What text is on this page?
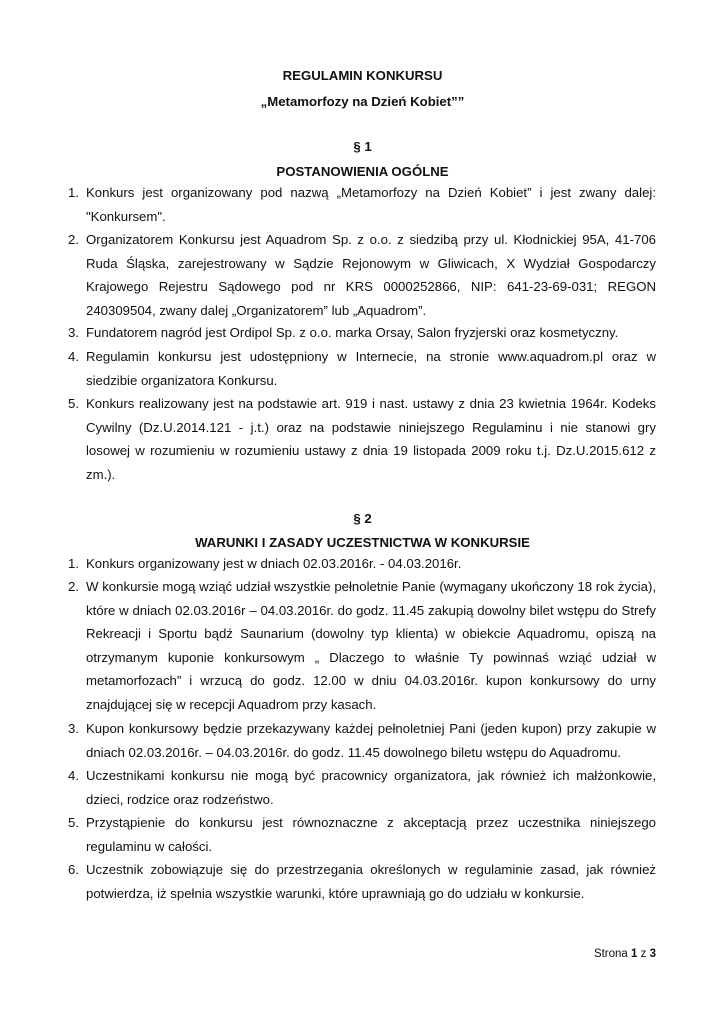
REGULAMIN KONKURSU
„Metamorfozy na Dzień Kobiet””
§ 1
POSTANOWIENIA OGÓLNE
1. Konkurs jest organizowany pod nazwą „Metamorfozy na Dzień Kobiet” i jest zwany dalej: "Konkursem".
2. Organizatorem Konkursu jest Aquadrom Sp. z o.o. z siedzibą przy ul. Kłodnickiej 95A, 41-706 Ruda Śląska, zarejestrowany w Sądzie Rejonowym w Gliwicach, X Wydział Gospodarczy Krajowego Rejestru Sądowego pod nr KRS 0000252866, NIP: 641-23-69-031; REGON 240309504, zwany dalej „Organizatorem” lub „Aquadrom”.
3. Fundatorem nagród jest Ordipol Sp. z o.o. marka Orsay, Salon fryzjerski oraz kosmetyczny.
4. Regulamin konkursu jest udostępniony w Internecie, na stronie www.aquadrom.pl oraz w siedzibie organizatora Konkursu.
5. Konkurs realizowany jest na podstawie art. 919 i nast. ustawy z dnia 23 kwietnia 1964r. Kodeks Cywilny (Dz.U.2014.121 - j.t.) oraz na podstawie niniejszego Regulaminu i nie stanowi gry losowej w rozumieniu w rozumieniu ustawy z dnia 19 listopada 2009 roku t.j. Dz.U.2015.612 z zm.).
§ 2
WARUNKI I ZASADY UCZESTNICTWA W KONKURSIE
1. Konkurs organizowany jest w dniach 02.03.2016r. - 04.03.2016r.
2. W konkursie mogą wziąć udział wszystkie pełnoletnie Panie (wymagany ukończony 18 rok życia), które w dniach 02.03.2016r – 04.03.2016r. do godz. 11.45 zakupią dowolny bilet wstępu do Strefy Rekreacji i Sportu bądź Saunarium (dowolny typ klienta) w obiekcie Aquadromu, opiszą na otrzymanym kuponie konkursowym „ Dlaczego to właśnie Ty powinnaś wziąć udział w metamorfozach” i wrzucą do godz. 12.00 w dniu 04.03.2016r. kupon konkursowy do urny znajdującej się w recepcji Aquadrom przy kasach.
3. Kupon konkursowy będzie przekazywany każdej pełnoletniej Pani (jeden kupon) przy zakupie w dniach 02.03.2016r. – 04.03.2016r. do godz. 11.45 dowolnego biletu wstępu do Aquadromu.
4. Uczestnikami konkursu nie mogą być pracownicy organizatora, jak również ich małżonkowie, dzieci, rodzice oraz rodzeństwo.
5. Przystąpienie do konkursu jest równoznaczne z akceptacją przez uczestnika niniejszego regulaminu w całości.
6. Uczestnik zobowiązuje się do przestrzegania określonych w regulaminie zasad, jak również potwierdza, iż spełnia wszystkie warunki, które uprawniają go do udziału w konkursie.
Strona 1 z 3
